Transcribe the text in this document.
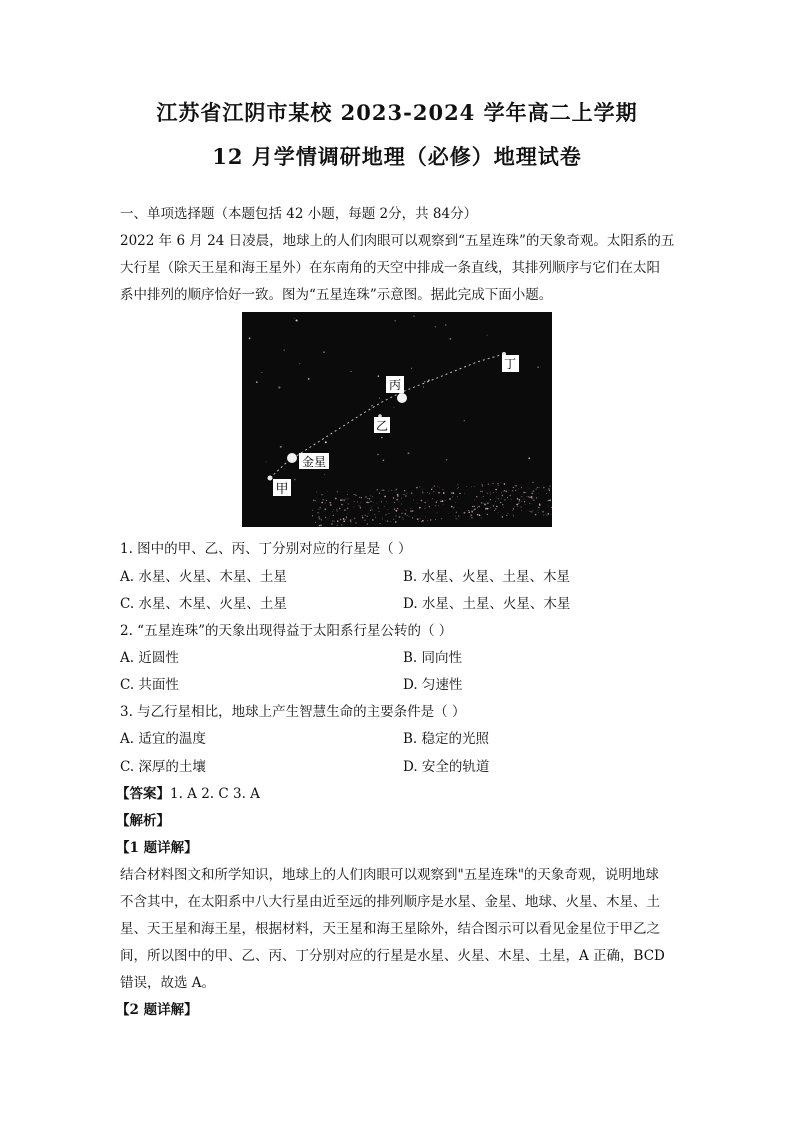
江苏省江阴市某校 2023-2024 学年高二上学期
12 月学情调研地理（必修）地理试卷
一、单项选择题（本题包括 42 小题，每题 2分，共 84分）
2022 年 6 月 24 日凌晨，地球上的人们肉眼可以观察到“五星连珠”的天象奇观。太阳系的五
大行星（除天王星和海王星外）在东南角的天空中排成一条直线，其排列顺序与它们在太阳
系中排列的顺序恰好一致。图为“五星连珠”示意图。据此完成下面小题。
甲
金星
乙
丙
丁
1. 图中的甲、乙、丙、丁分别对应的行星是（ ）
A. 水星、火星、木星、土星	B. 水星、火星、土星、木星
C. 水星、木星、火星、土星	D. 水星、土星、火星、木星
2. “五星连珠”的天象出现得益于太阳系行星公转的（ ）
A. 近圆性	B. 同向性
C. 共面性	D. 匀速性
3. 与乙行星相比，地球上产生智慧生命的主要条件是（ ）
A. 适宜的温度	B. 稳定的光照
C. 深厚的土壤	D. 安全的轨道
【答案】1. A 2. C 3. A
【解析】
【1 题详解】
结合材料图文和所学知识，地球上的人们肉眼可以观察到"五星连珠"的天象奇观，说明地球
不含其中，在太阳系中八大行星由近至远的排列顺序是水星、金星、地球、火星、木星、土
星、天王星和海王星，根据材料，天王星和海王星除外，结合图示可以看见金星位于甲乙之
间，所以图中的甲、乙、丙、丁分别对应的行星是水星、火星、木星、土星，A 正确，BCD
错误，故选 A。
【2 题详解】
